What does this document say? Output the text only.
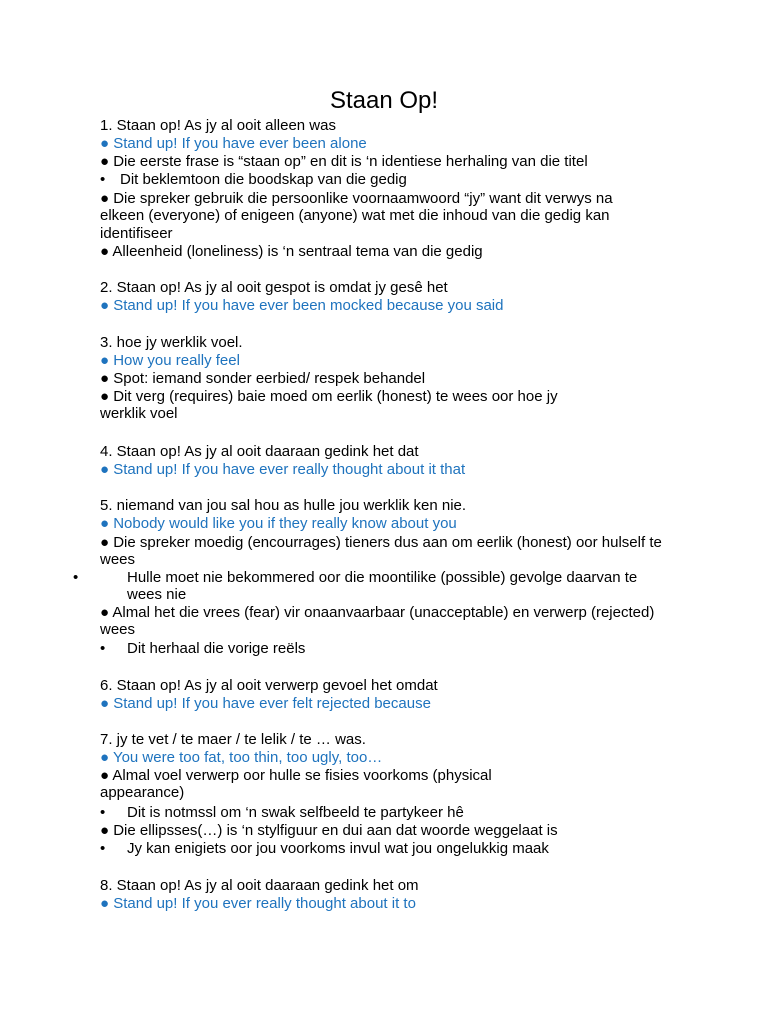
Staan Op!
1. Staan op! As jy al ooit alleen was
● Stand up! If you have ever been alone
● Die eerste frase is “staan op” en dit is ‘n identiese herhaling van die titel
• Dit beklemtoon die boodskap van die gedig
● Die spreker gebruik die persoonlike voornaamwoord “jy” want dit verwys na elkeen (everyone) of enigeen (anyone) wat met die inhoud van die gedig kan identifiseer
● Alleenheid (loneliness) is ‘n sentraal tema van die gedig
2. Staan op! As jy al ooit gespot is omdat jy gesê het
● Stand up! If you have ever been mocked because you said
3. hoe jy werklik voel.
● How you really feel
● Spot: iemand sonder eerbied/ respek behandel
● Dit verg (requires) baie moed om eerlik (honest) te wees oor hoe jy werklik voel
4. Staan op! As jy al ooit daaraan gedink het dat
● Stand up! If you have ever really thought about it that
5. niemand van jou sal hou as hulle jou werklik ken nie.
● Nobody would like you if they really know about you
● Die spreker moedig (encourrages) tieners dus aan om eerlik (honest) oor hulself te wees
•	Hulle moet nie bekommered oor die moontilike (possible) gevolge daarvan te wees nie
● Almal het die vrees (fear) vir onaanvaarbaar (unacceptable) en verwerp (rejected) wees
• Dit herhaal die vorige reëls
6. Staan op! As jy al ooit verwerp gevoel het omdat
● Stand up! If you have ever felt rejected because
7. jy te vet / te maer / te lelik / te … was.
● You were too fat, too thin, too ugly, too…
● Almal voel verwerp oor hulle se fisies voorkoms (physical appearance)
• Dit is notmssl om ‘n swak selfbeeld te partykeer hê
● Die ellipsses(…) is ‘n stylfiguur en dui aan dat woorde weggelaat is
• Jy kan enigiets oor jou voorkoms invul wat jou ongelukkig maak
8. Staan op! As jy al ooit daaraan gedink het om
● Stand up! If you ever really thought about it to
